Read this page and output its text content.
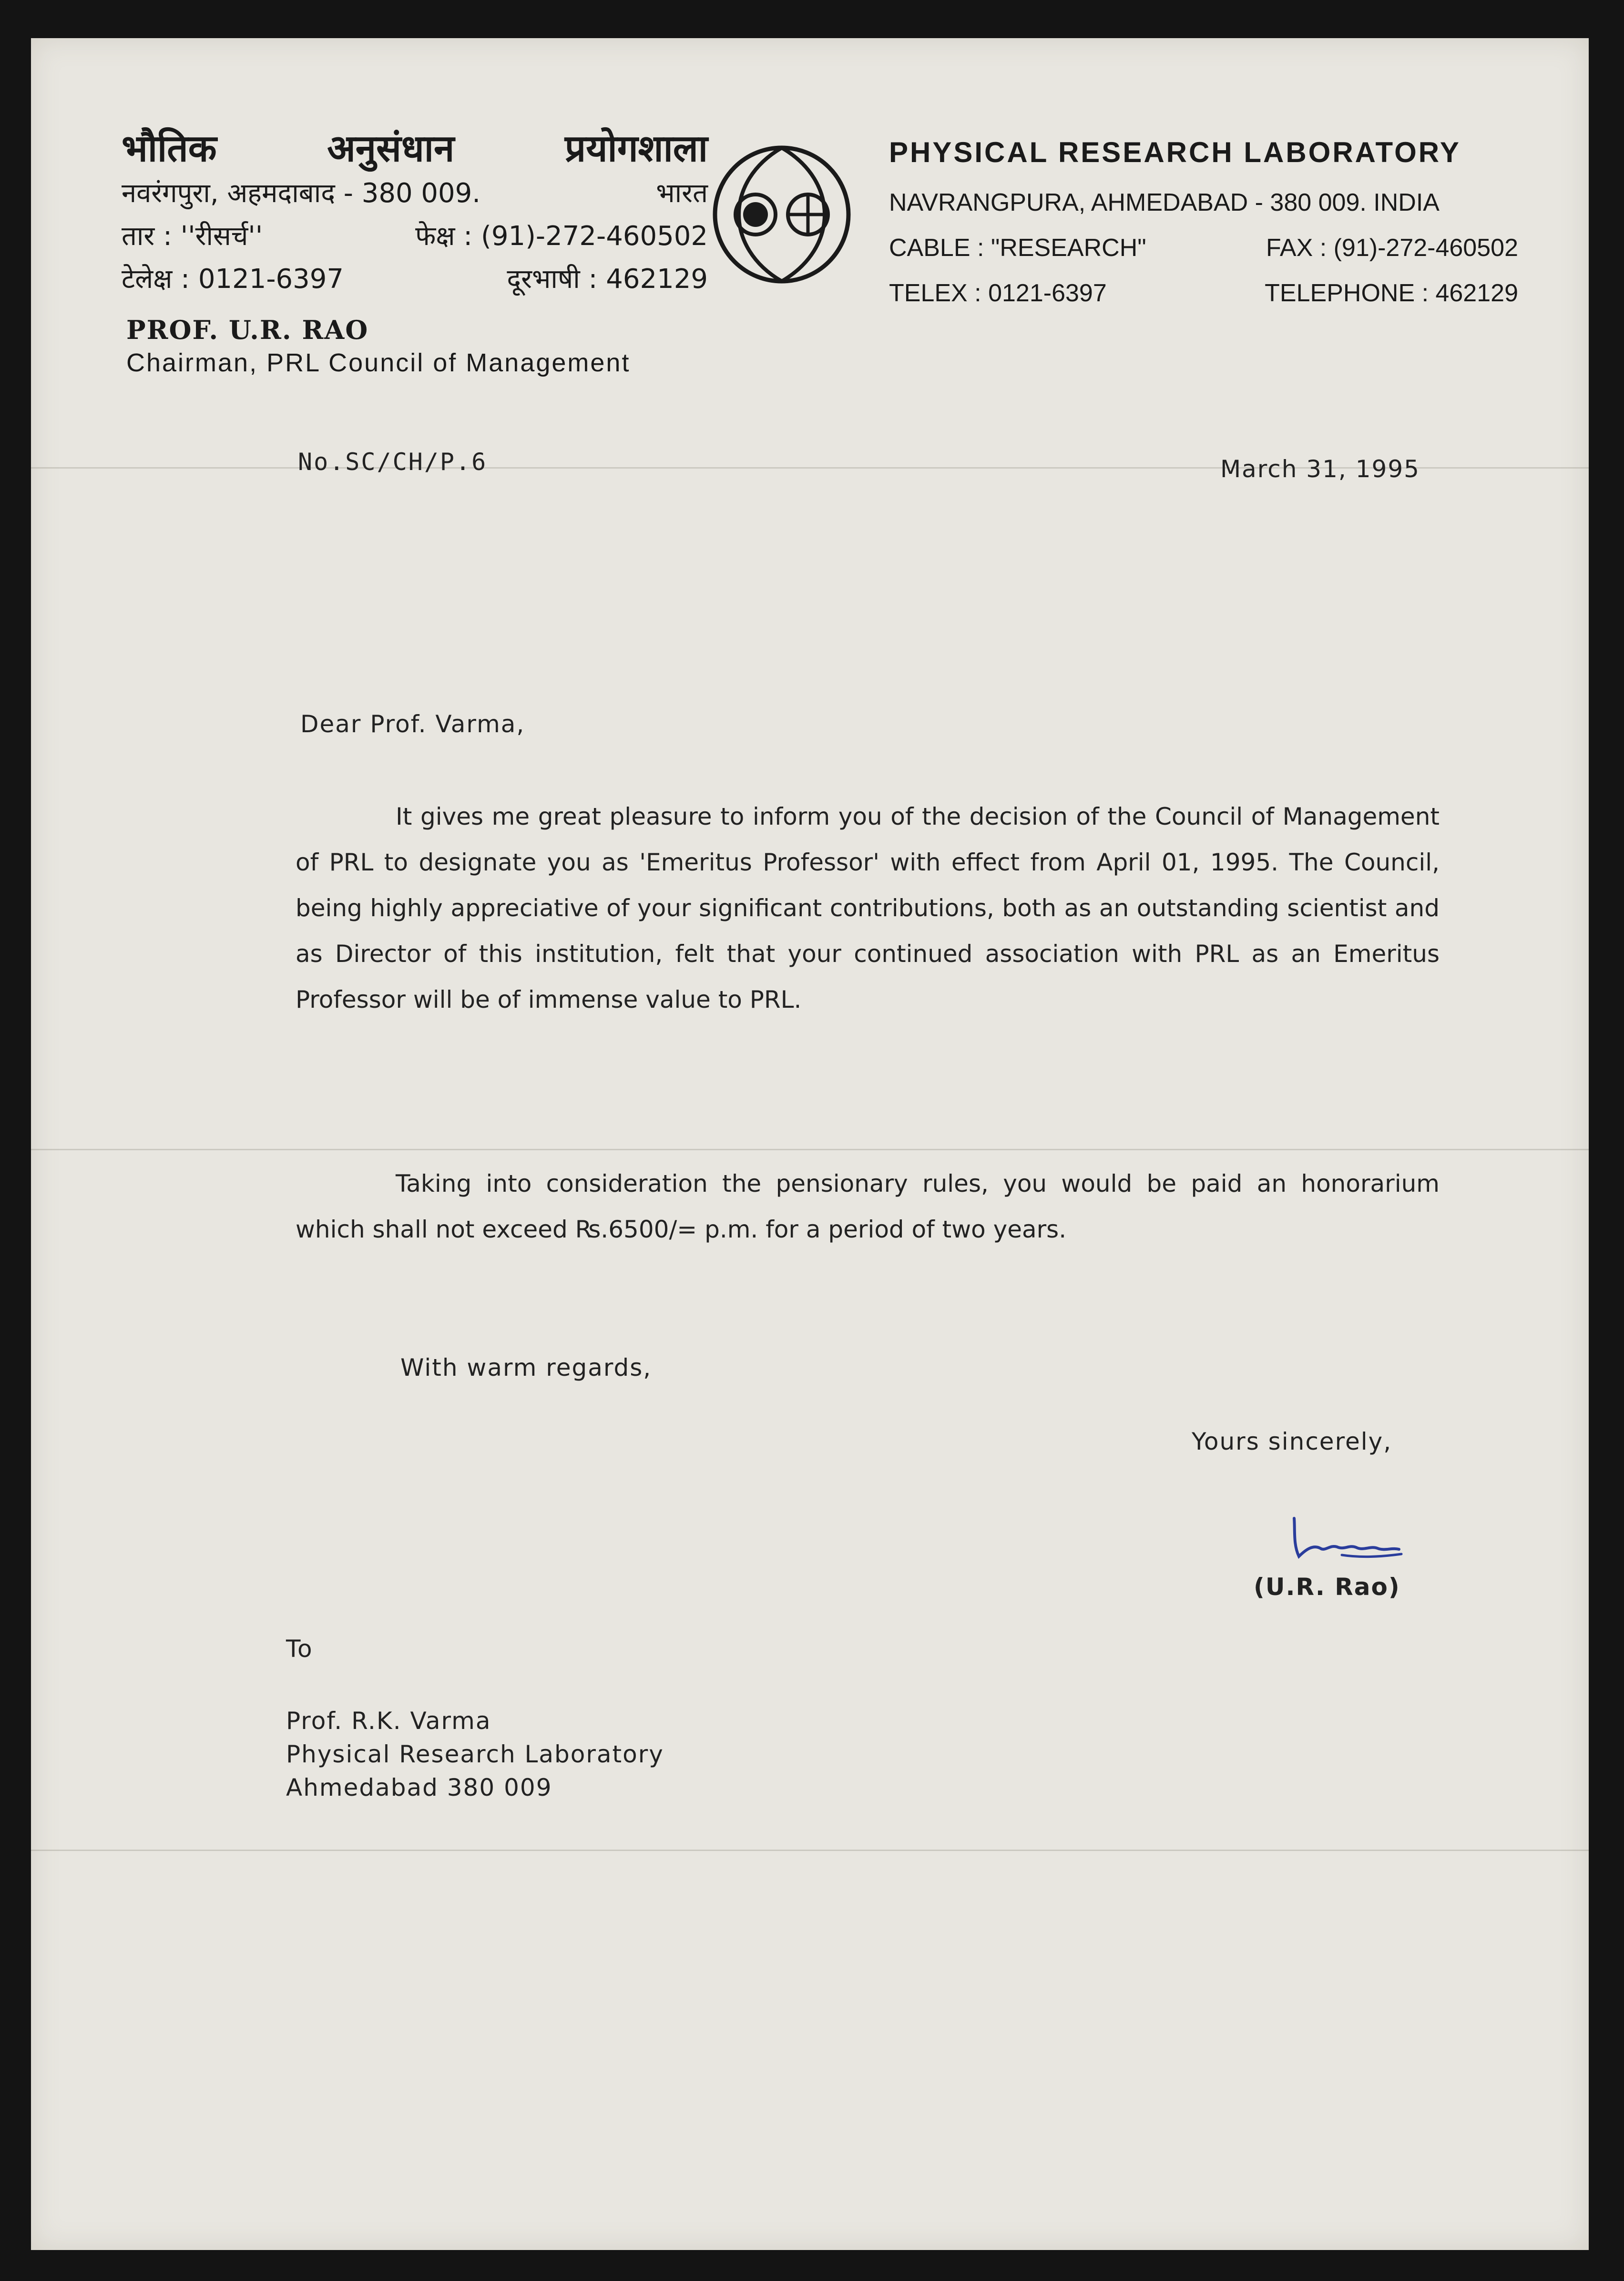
भौतिक	अनुसंधान	प्रयोगशाला
नवरंगपुरा, अहमदाबाद - 380 009.	भारत
तार : ''रीसर्च''	फेक्ष : (91)-272-460502
टेलेक्ष : 0121-6397	दूरभाषी : 462129
PHYSICAL RESEARCH LABORATORY
NAVRANGPURA, AHMEDABAD - 380 009. INDIA
CABLE : "RESEARCH"	FAX : (91)-272-460502
TELEX : 0121-6397	TELEPHONE : 462129
PROF. U.R. RAO
Chairman, PRL Council of Management
No.SC/CH/P.6	March 31, 1995
Dear Prof. Varma,
It gives me great pleasure to inform you of the decision of the Council of Management of PRL to designate you as 'Emeritus Professor' with effect from April 01, 1995. The Council, being highly appreciative of your significant contributions, both as an outstanding scientist and as Director of this institution, felt that your continued association with PRL as an Emeritus Professor will be of immense value to PRL.
Taking into consideration the pensionary rules, you would be paid an honorarium which shall not exceed ₨.6500/= p.m. for a period of two years.
With warm regards,
Yours sincerely,
(U.R. Rao)
To
Prof. R.K. Varma
Physical Research Laboratory
Ahmedabad 380 009
